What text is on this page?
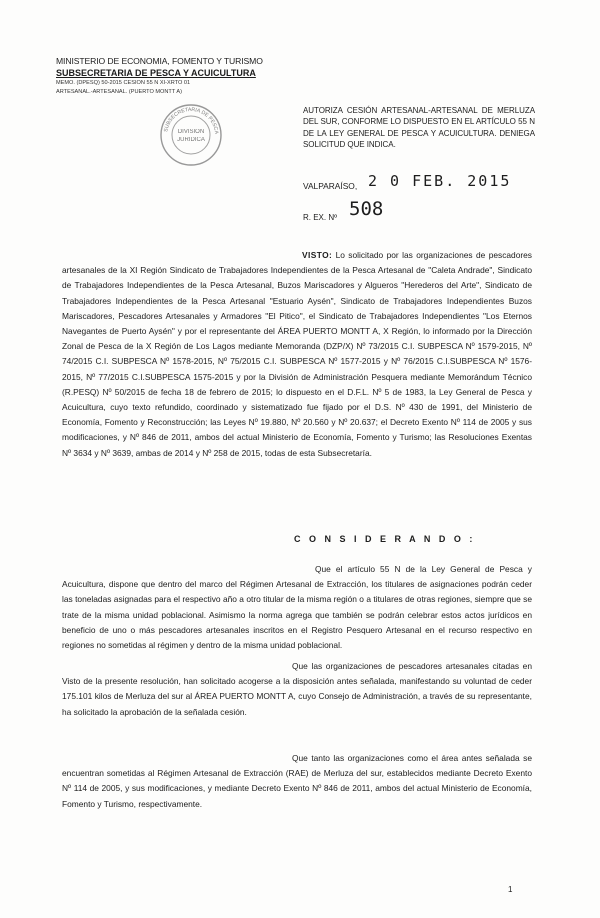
MINISTERIO DE ECONOMIA, FOMENTO Y TURISMO
SUBSECRETARIA DE PESCA Y ACUICULTURA
MEMO. (DPESQ) 50-2015 CESION 55 N XI-XRTO 01
ARTESANAL.-ARTESANAL. (PUERTO MONTT A)
SUBSECRETARIA DE PESCA
DIVISION
JURIDICA
AUTORIZA CESIÓN ARTESANAL-ARTESANAL DE MERLUZA DEL SUR, CONFORME LO DISPUESTO EN EL ARTÍCULO 55 N DE LA LEY GENERAL DE PESCA Y ACUICULTURA. DENIEGA SOLICITUD QUE INDICA.
VALPARAÍSO, 2 0 FEB. 2015
R. EX. Nº 508
VISTO: Lo solicitado por las organizaciones de pescadores artesanales de la XI Región Sindicato de Trabajadores Independientes de la Pesca Artesanal de "Caleta Andrade", Sindicato de Trabajadores Independientes de la Pesca Artesanal, Buzos Mariscadores y Algueros "Herederos del Arte", Sindicato de Trabajadores Independientes de la Pesca Artesanal "Estuario Aysén", Sindicato de Trabajadores Independientes Buzos Mariscadores, Pescadores Artesanales y Armadores "El Pitico", el Sindicato de Trabajadores Independientes "Los Eternos Navegantes de Puerto Aysén" y por el representante del ÁREA PUERTO MONTT A, X Región, lo informado por la Dirección Zonal de Pesca de la X Región de Los Lagos mediante Memoranda (DZP/X) Nº 73/2015 C.I. SUBPESCA Nº 1579-2015, Nº 74/2015 C.I. SUBPESCA Nº 1578-2015, Nº 75/2015 C.I. SUBPESCA Nº 1577-2015 y Nº 76/2015 C.I.SUBPESCA Nº 1576-2015, Nº 77/2015 C.I.SUBPESCA 1575-2015 y por la División de Administración Pesquera mediante Memorándum Técnico (R.PESQ) Nº 50/2015 de fecha 18 de febrero de 2015; lo dispuesto en el D.F.L. Nº 5 de 1983, la Ley General de Pesca y Acuicultura, cuyo texto refundido, coordinado y sistematizado fue fijado por el D.S. Nº 430 de 1991, del Ministerio de Economía, Fomento y Reconstrucción; las Leyes Nº 19.880, Nº 20.560 y Nº 20.637; el Decreto Exento Nº 114 de 2005 y sus modificaciones, y Nº 846 de 2011, ambos del actual Ministerio de Economía, Fomento y Turismo; las Resoluciones Exentas Nº 3634 y Nº 3639, ambas de 2014 y Nº 258 de 2015, todas de esta Subsecretaría.
C O N S I D E R A N D O :
Que el artículo 55 N de la Ley General de Pesca y Acuicultura, dispone que dentro del marco del Régimen Artesanal de Extracción, los titulares de asignaciones podrán ceder las toneladas asignadas para el respectivo año a otro titular de la misma región o a titulares de otras regiones, siempre que se trate de la misma unidad poblacional. Asimismo la norma agrega que también se podrán celebrar estos actos jurídicos en beneficio de uno o más pescadores artesanales inscritos en el Registro Pesquero Artesanal en el recurso respectivo en regiones no sometidas al régimen y dentro de la misma unidad poblacional.
Que las organizaciones de pescadores artesanales citadas en Visto de la presente resolución, han solicitado acogerse a la disposición antes señalada, manifestando su voluntad de ceder 175.101 kilos de Merluza del sur al ÁREA PUERTO MONTT A, cuyo Consejo de Administración, a través de su representante, ha solicitado la aprobación de la señalada cesión.
Que tanto las organizaciones como el área antes señalada se encuentran sometidas al Régimen Artesanal de Extracción (RAE) de Merluza del sur, establecidos mediante Decreto Exento Nº 114 de 2005, y sus modificaciones, y mediante Decreto Exento Nº 846 de 2011, ambos del actual Ministerio de Economía, Fomento y Turismo, respectivamente.
1
